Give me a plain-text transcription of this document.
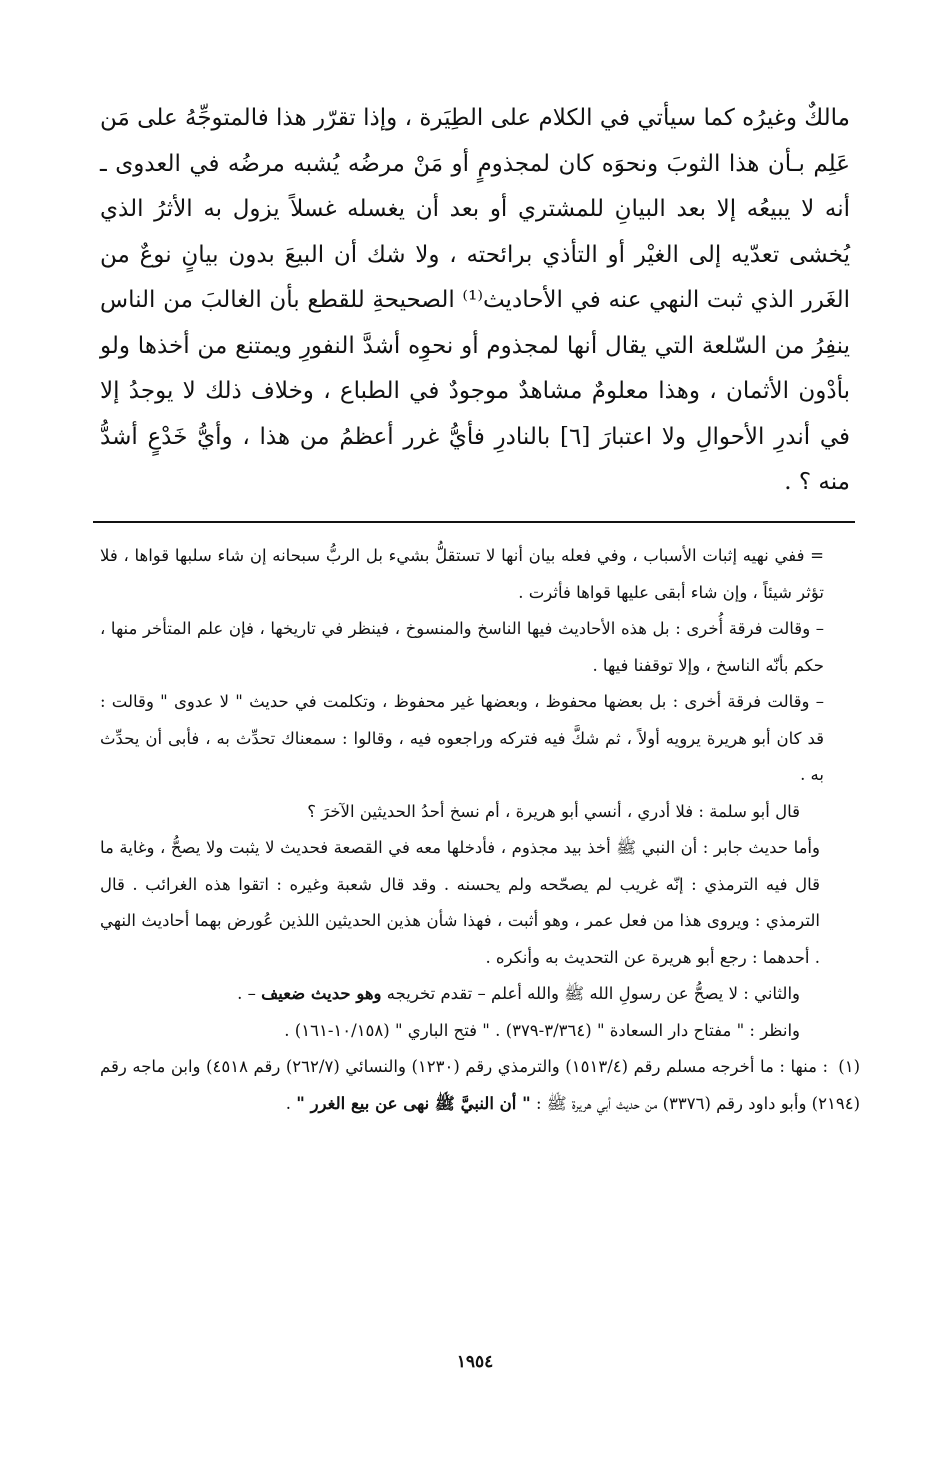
مالكٌ وغيرُه كما سيأتي في الكلام على الطِيَرة ، وإذا تقرّر هذا فالمتوجِّهُ على مَن عَلِم بـأن هذا الثوبَ ونحوَه كان لمجذومٍ أو مَنْ مرضُه يُشبه مرضُه في العدوى ـ أنه لا يبيعُه إلا بعد البيانِ للمشتري أو بعد أن يغسله غسلاً يزول به الأثرُ الذي يُخشى تعدّيه إلى الغيْر أو التأذي برائحته ، ولا شك أن البيعَ بدون بيانٍ نوعٌ من الغَرر الذي ثبت النهي عنه في الأحاديث⁽¹⁾ الصحيحةِ للقطع بأن الغالبَ من الناس ينفِرُ من السّلعة التي يقال أنها لمجذوم أو نحوِه أشدَّ النفورِ ويمتنع من أخذها ولو بأدْون الأثمان ، وهذا معلومٌ مشاهدٌ موجودٌ في الطباع ، وخلاف ذلك لا يوجدُ إلا في أندرِ الأحوالِ ولا اعتبارَ [٦] بالنادرِ فأيُّ غرر أعظمُ من هذا ، وأيُّ خَدْعٍ أشدُّ منه ؟ .

= ففي نهيه إثبات الأسباب ، وفي فعله بيان أنها لا تستقلُّ بشيء بل الربُّ سبحانه إن شاء سلبها قواها ، فلا تؤثر شيئاً ، وإن شاء أبقى عليها قواها فأثرت .

– وقالت فرقة أُخرى : بل هذه الأحاديث فيها الناسخ والمنسوخ ، فينظر في تاريخها ، فإن علم المتأخر منها ، حكم بأنّه الناسخ ، وإلا توقفنا فيها .

– وقالت فرقة أخرى : بل بعضها محفوظ ، وبعضها غير محفوظ ، وتكلمت في حديث " لا عدوى " وقالت : قد كان أبو هريرة يرويه أولاً ، ثم شكَّ فيه فتركه وراجعوه فيه ، وقالوا : سمعناك تحدِّث به ، فأبى أن يحدِّث به .

قال أبو سلمة : فلا أدري ، أنسي أبو هريرة ، أم نسخ أحدُ الحديثين الآخرَ ؟

وأما حديث جابر : أن النبي ﷺ أخذ بيد مجذوم ، فأدخلها معه في القصعة فحديث لا يثبت ولا يصحُّ ، وغاية ما قال فيه الترمذي : إنّه غريب لم يصحّحه ولم يحسنه . وقد قال شعبة وغيره : اتقوا هذه الغرائب . قال الترمذي : ويروى هذا من فعل عمر ، وهو أثبت ، فهذا شأن هذين الحديثين اللذين عُورض بهما أحاديث النهي . أحدهما : رجع أبو هريرة عن التحديث به وأنكره .

والثاني : لا يصحُّ عن رسولِ الله ﷺ والله أعلم – تقدم تخريجه وهو حديث ضعيف – .

وانظر : " مفتاح دار السعادة " (٣/٣٦٤-٣٧٩) . " فتح الباري " (١٠/١٥٨-١٦١) .

(١): منها : ما أخرجه مسلم رقم (١٥١٣/٤) والترمذي رقم (١٢٣٠) والنسائي (٢٦٢/٧) رقم ٤٥١٨) وابن ماجه رقم (٢١٩٤) وأبو داود رقم (٣٣٧٦) من حديث أبي هريرة ﷺ : " أن النبيَّ ﷺ نهى عن بيع الغرر " .

١٩٥٤
